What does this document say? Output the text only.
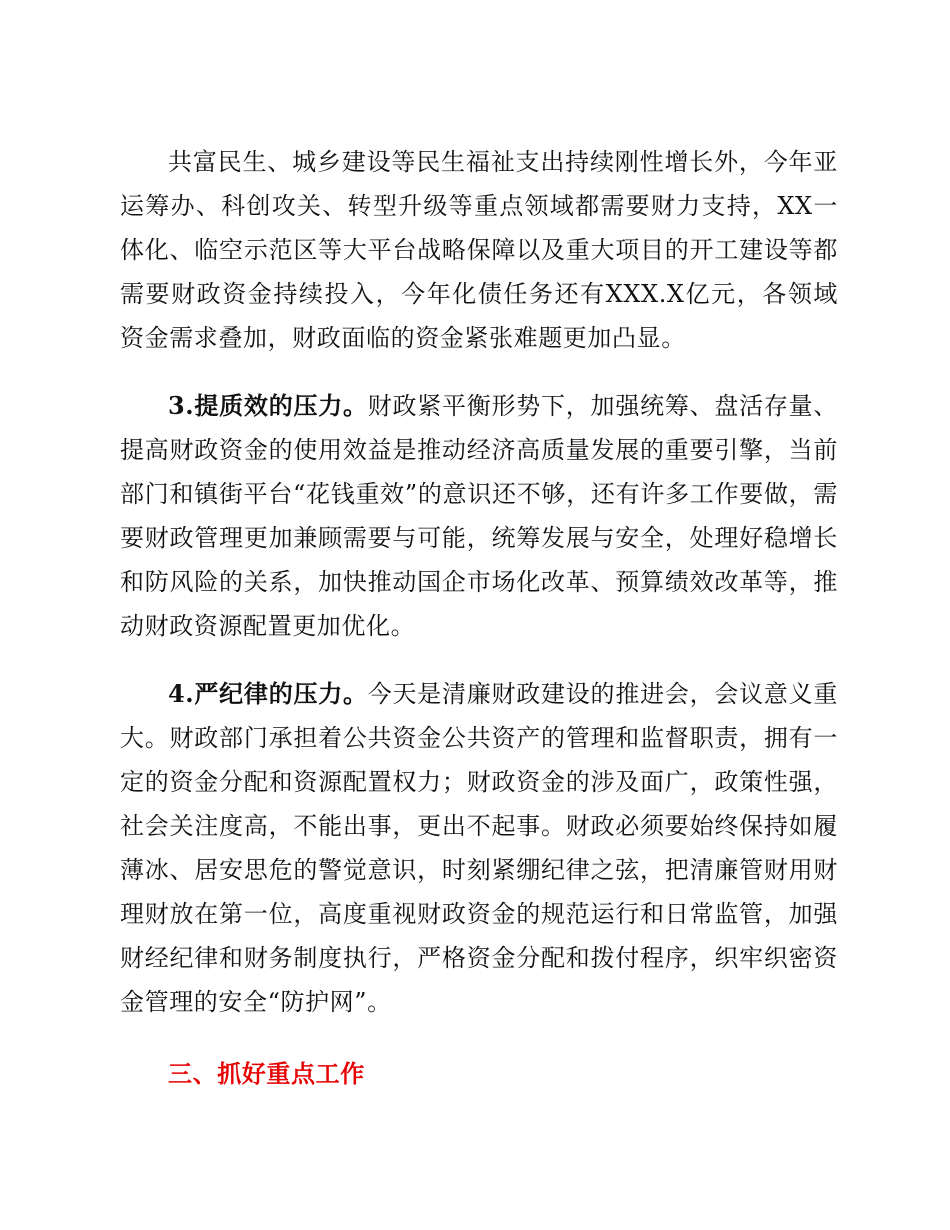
共富民生、城乡建设等民生福祉支出持续刚性增长外，今年亚运筹办、科创攻关、转型升级等重点领域都需要财力支持，XX一体化、临空示范区等大平台战略保障以及重大项目的开工建设等都需要财政资金持续投入，今年化债任务还有XXX.X亿元，各领域资金需求叠加，财政面临的资金紧张难题更加凸显。

3.提质效的压力。财政紧平衡形势下，加强统筹、盘活存量、提高财政资金的使用效益是推动经济高质量发展的重要引擎，当前部门和镇街平台“花钱重效”的意识还不够，还有许多工作要做，需要财政管理更加兼顾需要与可能，统筹发展与安全，处理好稳增长和防风险的关系，加快推动国企市场化改革、预算绩效改革等，推动财政资源配置更加优化。

4.严纪律的压力。今天是清廉财政建设的推进会，会议意义重大。财政部门承担着公共资金公共资产的管理和监督职责，拥有一定的资金分配和资源配置权力；财政资金的涉及面广，政策性强，社会关注度高，不能出事，更出不起事。财政必须要始终保持如履薄冰、居安思危的警觉意识，时刻紧绷纪律之弦，把清廉管财用财理财放在第一位，高度重视财政资金的规范运行和日常监管，加强财经纪律和财务制度执行，严格资金分配和拨付程序，织牢织密资金管理的安全“防护网”。

三、抓好重点工作
